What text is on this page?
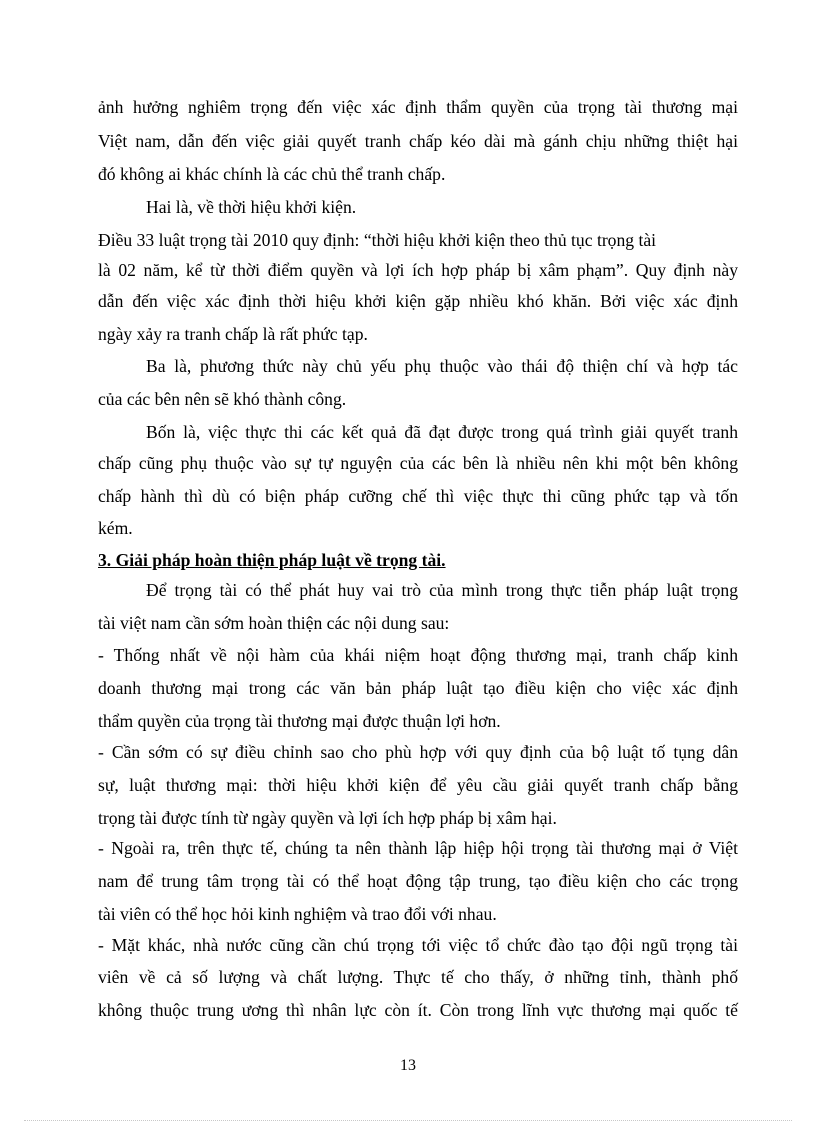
ảnh hưởng nghiêm trọng đến việc xác định thẩm quyền của trọng tài thương mại
Việt nam, dẫn đến việc giải quyết tranh chấp kéo dài mà gánh chịu những thiệt hại
đó không ai khác chính là các chủ thể tranh chấp.
Hai là, về thời hiệu khởi kiện.
Điều 33 luật trọng tài 2010 quy định: “thời hiệu khởi kiện theo thủ tục trọng tài
là 02 năm, kể từ thời điểm quyền và lợi ích hợp pháp bị xâm phạm”. Quy định này
dẫn đến việc xác định thời hiệu khởi kiện gặp nhiều khó khăn. Bởi việc xác định
ngày xảy ra tranh chấp là rất phức tạp.
Ba là, phương thức này chủ yếu phụ thuộc vào thái độ thiện chí và hợp tác
của các bên nên sẽ khó thành công.
Bốn là, việc thực thi các kết quả đã đạt được trong quá trình giải quyết tranh
chấp cũng phụ thuộc vào sự tự nguyện của các bên là nhiều nên khi một bên không
chấp hành thì dù có biện pháp cưỡng chế thì việc thực thi cũng phức tạp và tốn
kém.
3. Giải pháp hoàn thiện pháp luật về trọng tài.
Để trọng tài có thể phát huy vai trò của mình trong thực tiễn pháp luật trọng
tài việt nam cần sớm hoàn thiện các nội dung sau:
- Thống nhất về nội hàm của khái niệm hoạt động thương mại, tranh chấp kinh
doanh thương mại trong các văn bản pháp luật tạo điều kiện cho việc xác định
thẩm quyền của trọng tài thương mại được thuận lợi hơn.
- Cần sớm có sự điều chỉnh sao cho phù hợp với quy định của bộ luật tố tụng dân
sự, luật thương mại: thời hiệu khởi kiện để yêu cầu giải quyết tranh chấp bằng
trọng tài được tính từ ngày quyền và lợi ích hợp pháp bị xâm hại.
- Ngoài ra, trên thực tế, chúng ta nên thành lập hiệp hội trọng tài thương mại ở Việt
nam để trung tâm trọng tài có thể hoạt động tập trung, tạo điều kiện cho các trọng
tài viên có thể học hỏi kinh nghiệm và trao đổi với nhau.
- Mặt khác, nhà nước cũng cần chú trọng tới việc tổ chức đào tạo đội ngũ trọng tài
viên về cả số lượng và chất lượng. Thực tế cho thấy, ở những tỉnh, thành phố
không thuộc trung ương thì nhân lực còn ít. Còn trong lĩnh vực thương mại quốc tế
13
